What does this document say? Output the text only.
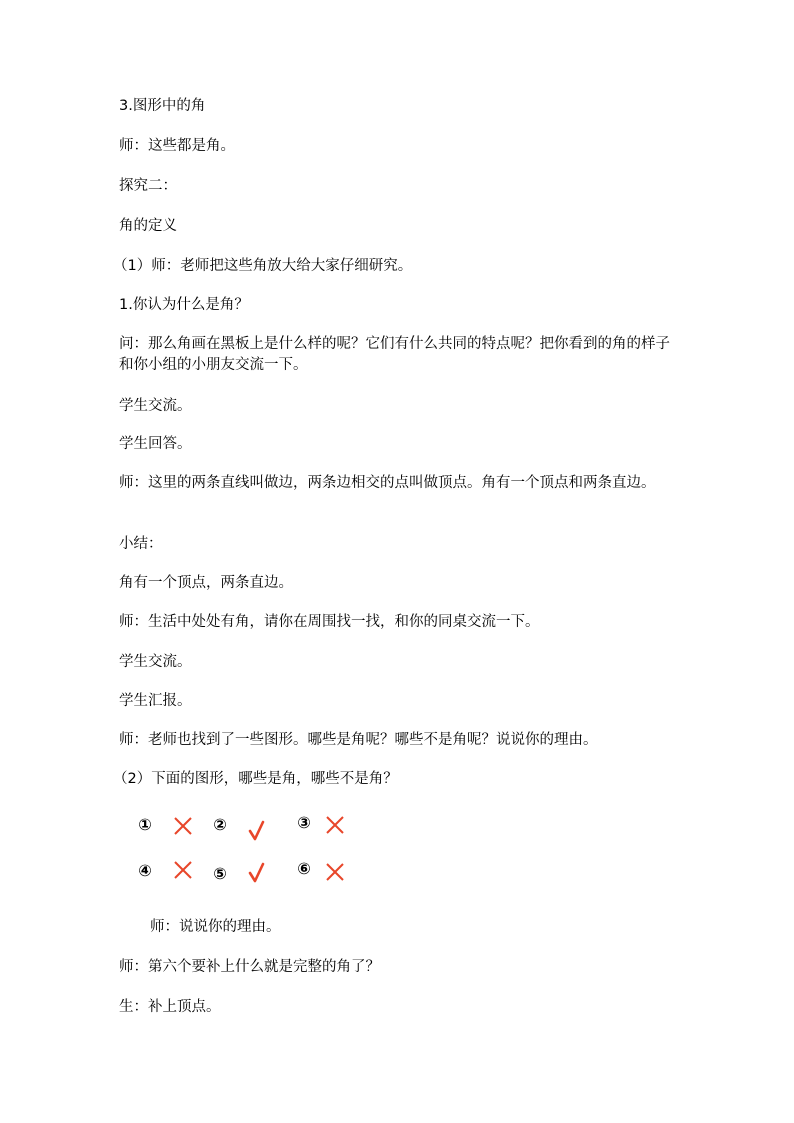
3.图形中的角

师：这些都是角。

探究二：

角的定义

（1）师：老师把这些角放大给大家仔细研究。

1.你认为什么是角？

问：那么角画在黑板上是什么样的呢？它们有什么共同的特点呢？把你看到的角的样子和你小组的小朋友交流一下。

学生交流。

学生回答。

师：这里的两条直线叫做边，两条边相交的点叫做顶点。角有一个顶点和两条直边。

小结：

角有一个顶点，两条直边。

师：生活中处处有角，请你在周围找一找，和你的同桌交流一下。

学生交流。

学生汇报。

师：老师也找到了一些图形。哪些是角呢？哪些不是角呢？说说你的理由。

（2）下面的图形，哪些是角，哪些不是角？

①	②	③
④	⑤	⑥

师：说说你的理由。

师：第六个要补上什么就是完整的角了？

生：补上顶点。
